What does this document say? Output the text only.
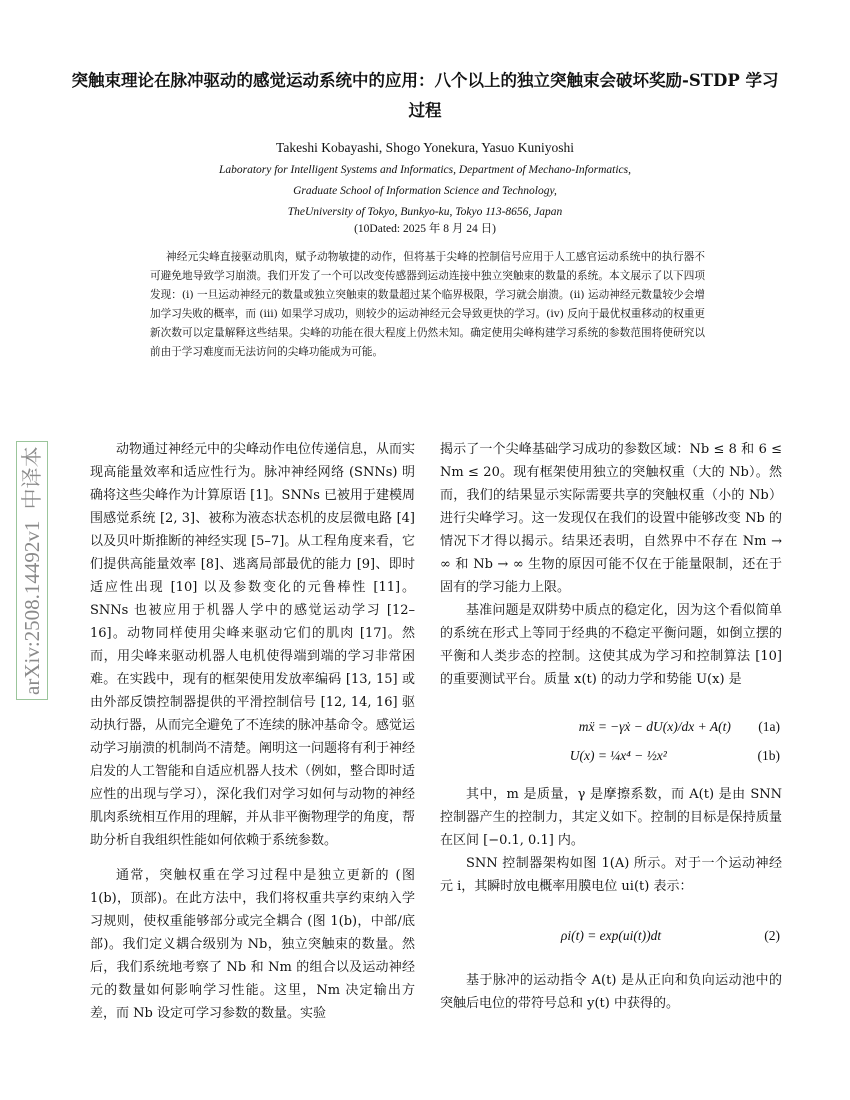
突触束理论在脉冲驱动的感觉运动系统中的应用：八个以上的独立突触束会破坏奖励-STDP 学习过程
Takeshi Kobayashi, Shogo Yonekura, Yasuo Kuniyoshi
Laboratory for Intelligent Systems and Informatics, Department of Mechano-Informatics,
Graduate School of Information Science and Technology,
TheUniversity of Tokyo, Bunkyo-ku, Tokyo 113-8656, Japan
(10Dated: 2025 年 8 月 24 日)

神经元尖峰直接驱动肌肉，赋予动物敏捷的动作，但将基于尖峰的控制信号应用于人工感官运动系统中的执行器不可避免地导致学习崩溃。我们开发了一个可以改变传感器到运动连接中独立突触束的数量的系统。本文展示了以下四项发现：(i) 一旦运动神经元的数量或独立突触束的数量超过某个临界极限，学习就会崩溃。(ii) 运动神经元数量较少会增加学习失败的概率，而 (iii) 如果学习成功，则较少的运动神经元会导致更快的学习。(iv) 反向于最优权重移动的权重更新次数可以定量解释这些结果。尖峰的功能在很大程度上仍然未知。确定使用尖峰构建学习系统的参数范围将使研究以前由于学习难度而无法访问的尖峰功能成为可能。

arXiv:2508.14492v1 中译本	动物通过神经元中的尖峰动作电位传递信息，从而实现高能量效率和适应性行为。脉冲神经网络 (SNNs) 明确将这些尖峰作为计算原语 [1]。SNNs 已被用于建模周围感觉系统 [2, 3]、被称为液态状态机的皮层微电路 [4] 以及贝叶斯推断的神经实现 [5–7]。从工程角度来看，它们提供高能量效率 [8]、逃离局部最优的能力 [9]、即时适应性出现 [10] 以及参数变化的元鲁棒性 [11]。SNNs 也被应用于机器人学中的感觉运动学习 [12–16]。动物同样使用尖峰来驱动它们的肌肉 [17]。然而，用尖峰来驱动机器人电机使得端到端的学习非常困难。在实践中，现有的框架使用发放率编码 [13, 15] 或由外部反馈控制器提供的平滑控制信号 [12, 14, 16] 驱动执行器，从而完全避免了不连续的脉冲基命令。感觉运动学习崩溃的机制尚不清楚。阐明这一问题将有利于神经启发的人工智能和自适应机器人技术（例如，整合即时适应性的出现与学习），深化我们对学习如何与动物的神经肌肉系统相互作用的理解，并从非平衡物理学的角度，帮助分析自我组织性能如何依赖于系统参数。

通常，突触权重在学习过程中是独立更新的 (图 1(b)，顶部)。在此方法中，我们将权重共享约束纳入学习规则，使权重能够部分或完全耦合 (图 1(b)，中部/底部)。我们定义耦合级别为 Nb，独立突触束的数量。然后，我们系统地考察了 Nb 和 Nm 的组合以及运动神经元的数量如何影响学习性能。这里，Nm 决定输出方差，而 Nb 设定可学习参数的数量。实验

揭示了一个尖峰基础学习成功的参数区域：Nb ≤ 8 和 6 ≤ Nm ≤ 20。现有框架使用独立的突触权重（大的 Nb）。然而，我们的结果显示实际需要共享的突触权重（小的 Nb）进行尖峰学习。这一发现仅在我们的设置中能够改变 Nb 的情况下才得以揭示。结果还表明，自然界中不存在 Nm → ∞ 和 Nb → ∞ 生物的原因可能不仅在于能量限制，还在于固有的学习能力上限。

基准问题是双阱势中质点的稳定化，因为这个看似简单的系统在形式上等同于经典的不稳定平衡问题，如倒立摆的平衡和人类步态的控制。这使其成为学习和控制算法 [10] 的重要测试平台。质量 x(t) 的动力学和势能 U(x) 是

mẍ = −γẋ − dU(x)/dx + A(t) (1a)
U(x) = ¼x⁴ − ½x²	(1b)

其中，m 是质量，γ 是摩擦系数，而 A(t) 是由 SNN 控制器产生的控制力，其定义如下。控制的目标是保持质量在区间 [−0.1, 0.1] 内。

SNN 控制器架构如图 1(A) 所示。对于一个运动神经元 i，其瞬时放电概率用膜电位 ui(t) 表示：

ρi(t) = exp(ui(t))dt	(2)

基于脉冲的运动指令 A(t) 是从正向和负向运动池中的突触后电位的带符号总和 y(t) 中获得的。
